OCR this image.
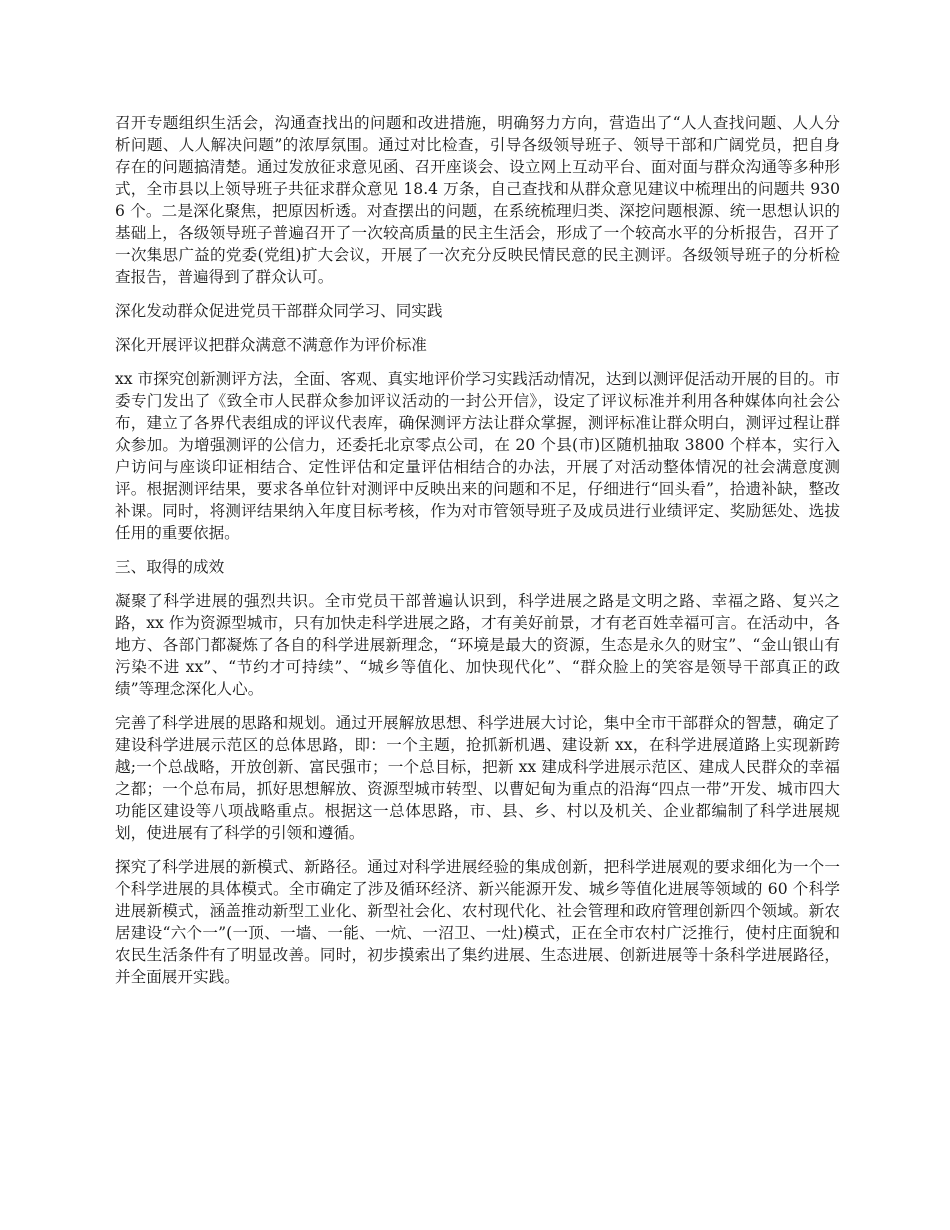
召开专题组织生活会，沟通查找出的问题和改进措施，明确努力方向，营造出了“人人查找问题、人人分析问题、人人解决问题”的浓厚氛围。通过对比检查，引导各级领导班子、领导干部和广阔党员，把自身存在的问题搞清楚。通过发放征求意见函、召开座谈会、设立网上互动平台、面对面与群众沟通等多种形式，全市县以上领导班子共征求群众意见 18.4 万条，自己查找和从群众意见建议中梳理出的问题共 9306 个。二是深化聚焦，把原因析透。对查摆出的问题，在系统梳理归类、深挖问题根源、统一思想认识的基础上，各级领导班子普遍召开了一次较高质量的民主生活会，形成了一个较高水平的分析报告，召开了一次集思广益的党委(党组)扩大会议，开展了一次充分反映民情民意的民主测评。各级领导班子的分析检查报告，普遍得到了群众认可。

深化发动群众促进党员干部群众同学习、同实践

深化开展评议把群众满意不满意作为评价标准

xx 市探究创新测评方法，全面、客观、真实地评价学习实践活动情况，达到以测评促活动开展的目的。市委专门发出了《致全市人民群众参加评议活动的一封公开信》，设定了评议标准并利用各种媒体向社会公布，建立了各界代表组成的评议代表库，确保测评方法让群众掌握，测评标准让群众明白，测评过程让群众参加。为增强测评的公信力，还委托北京零点公司，在 20 个县(市)区随机抽取 3800 个样本，实行入户访问与座谈印证相结合、定性评估和定量评估相结合的办法，开展了对活动整体情况的社会满意度测评。根据测评结果，要求各单位针对测评中反映出来的问题和不足，仔细进行“回头看”，拾遗补缺，整改补课。同时，将测评结果纳入年度目标考核，作为对市管领导班子及成员进行业绩评定、奖励惩处、选拔任用的重要依据。

三、取得的成效

凝聚了科学进展的强烈共识。全市党员干部普遍认识到，科学进展之路是文明之路、幸福之路、复兴之路，xx 作为资源型城市，只有加快走科学进展之路，才有美好前景，才有老百姓幸福可言。在活动中，各地方、各部门都凝炼了各自的科学进展新理念，“环境是最大的资源，生态是永久的财宝”、“金山银山有污染不进 xx”、“节约才可持续”、“城乡等值化、加快现代化”、“群众脸上的笑容是领导干部真正的政绩”等理念深化人心。

完善了科学进展的思路和规划。通过开展解放思想、科学进展大讨论，集中全市干部群众的智慧，确定了建设科学进展示范区的总体思路，即：一个主题，抢抓新机遇、建设新 xx，在科学进展道路上实现新跨越;一个总战略，开放创新、富民强市；一个总目标，把新 xx 建成科学进展示范区、建成人民群众的幸福之都；一个总布局，抓好思想解放、资源型城市转型、以曹妃甸为重点的沿海“四点一带”开发、城市四大功能区建设等八项战略重点。根据这一总体思路，市、县、乡、村以及机关、企业都编制了科学进展规划，使进展有了科学的引领和遵循。

探究了科学进展的新模式、新路径。通过对科学进展经验的集成创新，把科学进展观的要求细化为一个一个科学进展的具体模式。全市确定了涉及循环经济、新兴能源开发、城乡等值化进展等领域的 60 个科学进展新模式，涵盖推动新型工业化、新型社会化、农村现代化、社会管理和政府管理创新四个领域。新农居建设“六个一”(一顶、一墙、一能、一炕、一沼卫、一灶)模式，正在全市农村广泛推行，使村庄面貌和农民生活条件有了明显改善。同时，初步摸索出了集约进展、生态进展、创新进展等十条科学进展路径，并全面展开实践。
